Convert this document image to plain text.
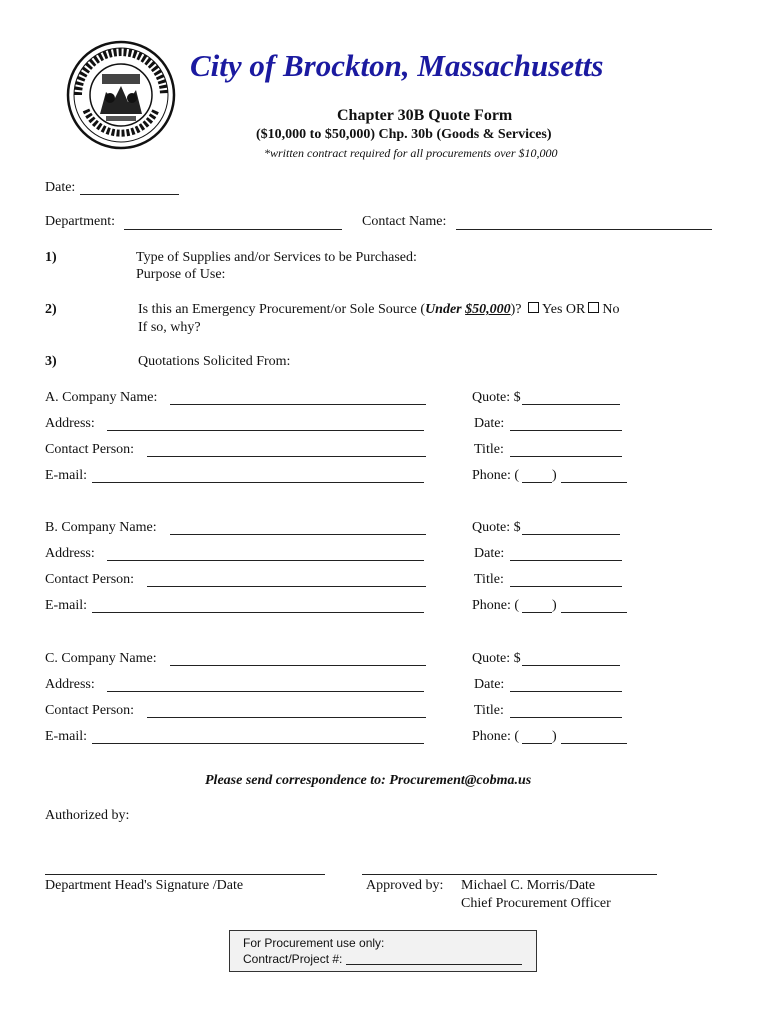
City of Brockton, Massachusetts
Chapter 30B Quote Form
($10,000 to $50,000) Chp. 30b (Goods & Services)
*written contract required for all procurements over $10,000
Date:
Department:	Contact Name:
1)	Type of Supplies and/or Services to be Purchased:
Purpose of Use:
2)	Is this an Emergency Procurement/or Sole Source (Under $50,000)? Yes OR No
If so, why?
3)	Quotations Solicited From:
A. Company Name:	Quote: $
Address:	Date:
Contact Person:	Title:
E-mail:	Phone: ( )
B. Company Name:	Quote: $
Address:	Date:
Contact Person:	Title:
E-mail:	Phone: ( )
C. Company Name:	Quote: $
Address:	Date:
Contact Person:	Title:
E-mail:	Phone: ( )
Please send correspondence to: Procurement@cobma.us
Authorized by:
Department Head's Signature /Date	Approved by: Michael C. Morris/Date
Chief Procurement Officer
For Procurement use only:
Contract/Project #:
